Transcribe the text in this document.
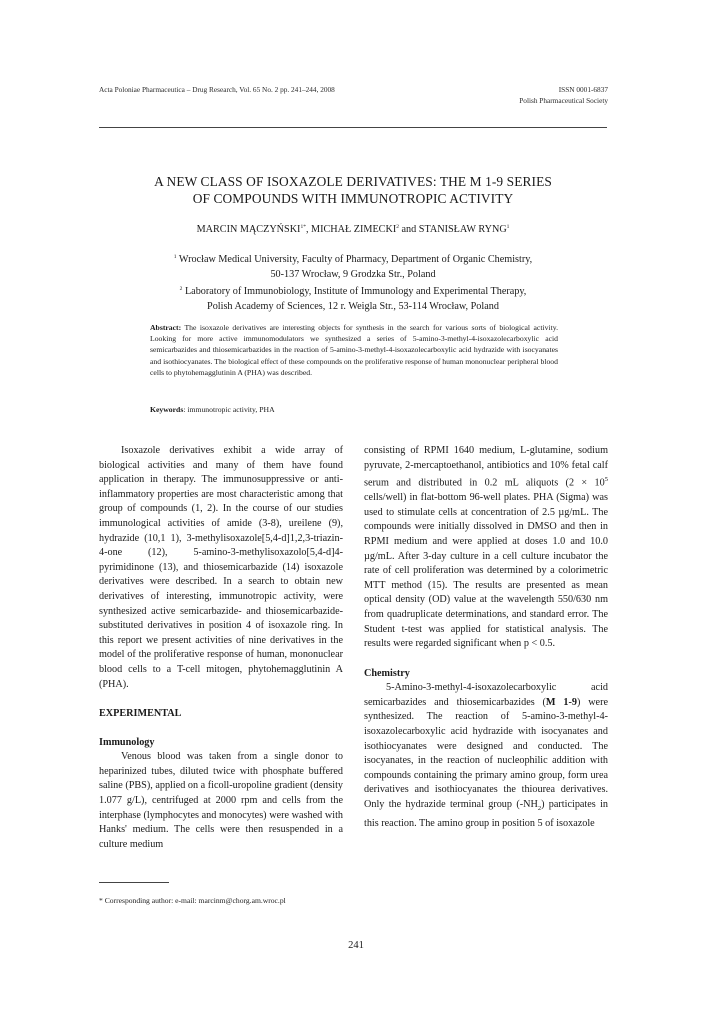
Acta Poloniae Pharmaceutica – Drug Research, Vol. 65 No. 2 pp. 241–244, 2008	ISSN 0001-6837
Polish Pharmaceutical Society
A NEW CLASS OF ISOXAZOLE DERIVATIVES: THE M 1-9 SERIES
OF COMPOUNDS WITH IMMUNOTROPIC ACTIVITY
MARCIN $MĄCZYŃSKI^{1*}$, MICHAŁ ZIMECKI$^2$ and STANISŁAW RYNG$^1$
$^1$ Wrocław Medical University, Faculty of Pharmacy, Department of Organic Chemistry,
50-137 Wrocław, 9 Grodzka Str., Poland
$^2$ Laboratory of Immunobiology, Institute of Immunology and Experimental Therapy,
Polish Academy of Sciences, 12 r. Weigla Str., 53-114 Wrocław, Poland
Abstract: The isoxazole derivatives are interesting objects for synthesis in the search for various sorts of biological activity. Looking for more active immunomodulators we synthesized a series of 5-amino-3-methyl-4-isoxazolecarboxylic acid semicarbazides and thiosemicarbazides in the reaction of 5-amino-3-methyl-4-isoxazolecarboxylic acid hydrazide with isocyanates and isothiocyanates. The biological effect of these compounds on the proliferative response of human mononuclear peripheral blood cells to phytohemagglutinin A (PHA) was described.
Keywords: immunotropic activity, PHA

Isoxazole derivatives exhibit a wide array of biological activities and many of them have found application in therapy. The immunosuppressive or anti-inflammatory properties are most characteristic among that group of compounds (1, 2). In the course of our studies immunological activities of amide (3-8), ureilene (9), hydrazide (10,1 1), 3-methylisoxazole[5,4-d]1,2,3-triazin-4-one (12), 5-amino-3-methylisoxazolo[5,4-d]4-pyrimidinone (13), and thiosemicarbazide (14) isoxazole derivatives were described. In a search to obtain new derivatives of interesting, immunotropic activity, were synthesized active semicarbazide- and thiosemicarbazide-substituted derivatives in position 4 of isoxazole ring. In this report we present activities of nine derivatives in the model of the proliferative response of human, mononuclear blood cells to a T-cell mitogen, phytohemagglutinin A (PHA).

EXPERIMENTAL

Immunology

Venous blood was taken from a single donor to heparinized tubes, diluted twice with phosphate buffered saline (PBS), applied on a ficoll-uropoline gradient (density 1.077 g/L), centrifuged at 2000 rpm and cells from the interphase (lymphocytes and monocytes) were washed with Hanks' medium. The cells were then resuspended in a culture medium

consisting of RPMI 1640 medium, L-glutamine, sodium pyruvate, 2-mercaptoethanol, antibiotics and 10% fetal calf serum and distributed in 0.2 mL aliquots ($2 \times 10^5$ cells/well) in flat-bottom 96-well plates. PHA (Sigma) was used to stimulate cells at concentration of 2.5 µg/mL. The compounds were initially dissolved in DMSO and then in RPMI medium and were applied at doses 1.0 and 10.0 µg/mL. After 3-day culture in a cell culture incubator the rate of cell proliferation was determined by a colorimetric MTT method (15). The results are presented as mean optical density (OD) value at the wavelength 550/630 nm from quadruplicate determinations, and standard error. The Student t-test was applied for statistical analysis. The results were regarded significant when p < 0.5.

Chemistry

5-Amino-3-methyl-4-isoxazolecarboxylic acid semicarbazides and thiosemicarbazides (M 1-9) were synthesized. The reaction of 5-amino-3-methyl-4-isoxazolecarboxylic acid hydrazide with isocyanates and isothiocyanates were designed and conducted. The isocyanates, in the reaction of nucleophilic addition with compounds containing the primary amino group, form urea derivatives and isothiocyanates the thiourea derivatives. Only the hydrazide terminal group $(-NH_2)$ participates in this reaction. The amino group in position 5 of isoxazole

* Corresponding author: e-mail: marcinm@chorg.am.wroc.pl
241
